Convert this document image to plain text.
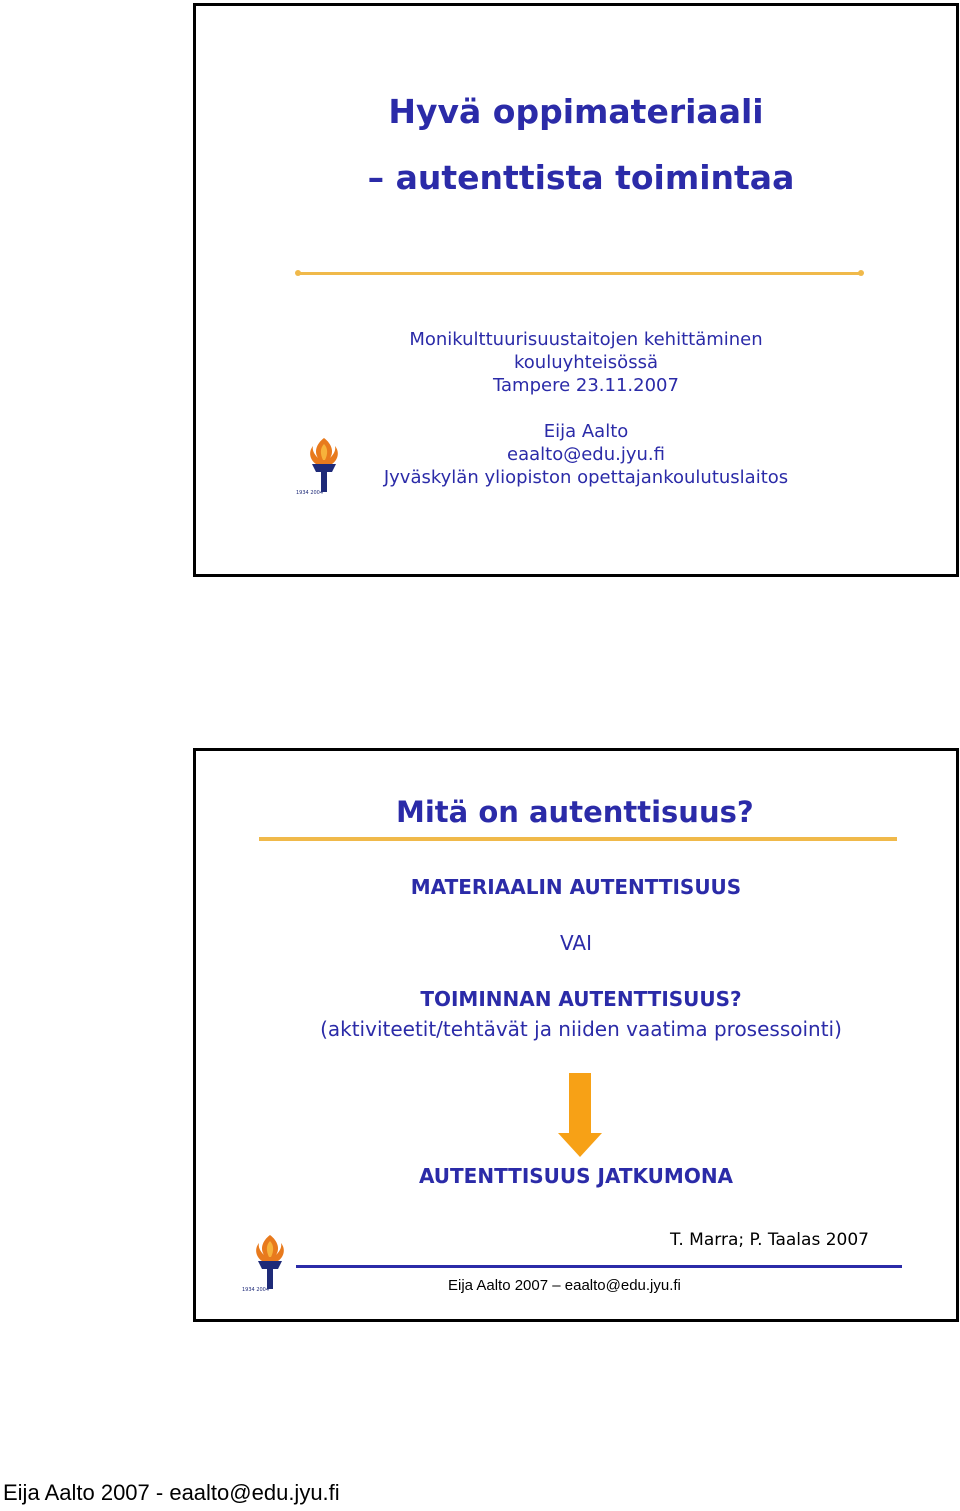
Hyvä oppimateriaali
– autenttista toimintaa
Monikulttuurisuustaitojen kehittäminen
kouluyhteisössä
Tampere 23.11.2007
Eija Aalto
eaalto@edu.jyu.fi
Jyväskylän yliopiston opettajankoulutuslaitos
1934 2004
Mitä on autenttisuus?
MATERIAALIN AUTENTTISUUS
VAI
TOIMINNAN AUTENTTISUUS?
(aktiviteetit/tehtävät ja niiden vaatima prosessointi)
AUTENTTISUUS JATKUMONA
T. Marra; P. Taalas 2007
Eija Aalto 2007 – eaalto@edu.jyu.fi
1934 2004
Eija Aalto 2007 - eaalto@edu.jyu.fi
